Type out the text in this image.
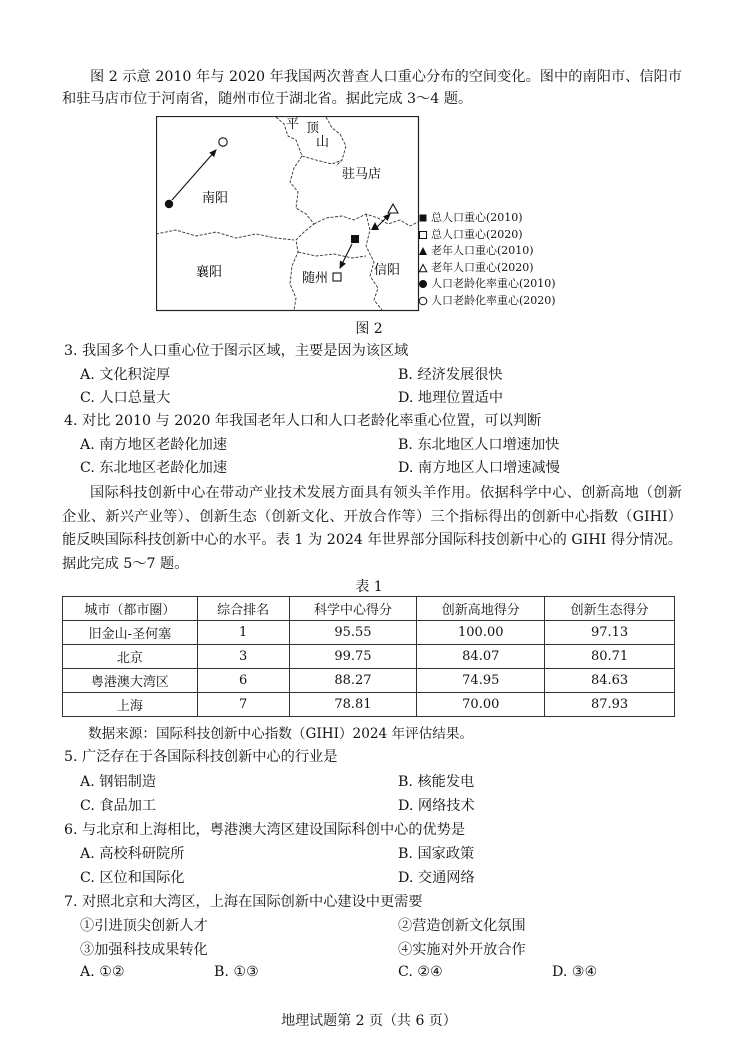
图 2 示意 2010 年与 2020 年我国两次普查人口重心分布的空间变化。图中的南阳市、信阳市和驻马店市位于河南省，随州市位于湖北省。据此完成 3～4 题。
平 顶
山
驻马店
南阳
襄阳	随州
信阳
总人口重心(2010)
总人口重心(2020)
老年人口重心(2010)
老年人口重心(2020)
人口老龄化率重心(2010)
人口老龄化率重心(2020)
图 2
3. 我国多个人口重心位于图示区域，主要是因为该区域
A. 文化积淀厚	B. 经济发展很快
C. 人口总量大	D. 地理位置适中
4. 对比 2010 与 2020 年我国老年人口和人口老龄化率重心位置，可以判断
A. 南方地区老龄化加速	B. 东北地区人口增速加快
C. 东北地区老龄化加速	D. 南方地区人口增速减慢
国际科技创新中心在带动产业技术发展方面具有领头羊作用。依据科学中心、创新高地（创新企业、新兴产业等）、创新生态（创新文化、开放合作等）三个指标得出的创新中心指数（GIHI）能反映国际科技创新中心的水平。表 1 为 2024 年世界部分国际科技创新中心的 GIHI 得分情况。据此完成 5～7 题。
表 1
城市（都市圈）	综合排名	科学中心得分	创新高地得分	创新生态得分
旧金山-圣何塞	1	95.55	100.00	97.13
北京	3	99.75	84.07	80.71
粤港澳大湾区	6	88.27	74.95	84.63
上海	7	78.81	70.00	87.93
数据来源：国际科技创新中心指数（GIHI）2024 年评估结果。
5. 广泛存在于各国际科技创新中心的行业是
A. 钢铝制造	B. 核能发电
C. 食品加工	D. 网络技术
6. 与北京和上海相比，粤港澳大湾区建设国际科创中心的优势是
A. 高校科研院所	B. 国家政策
C. 区位和国际化	D. 交通网络
7. 对照北京和大湾区，上海在国际创新中心建设中更需要
①引进顶尖创新人才	②营造创新文化氛围
③加强科技成果转化	④实施对外开放合作
A. ①②	B. ①③	C. ②④	D. ③④
地理试题第 2 页（共 6 页）
